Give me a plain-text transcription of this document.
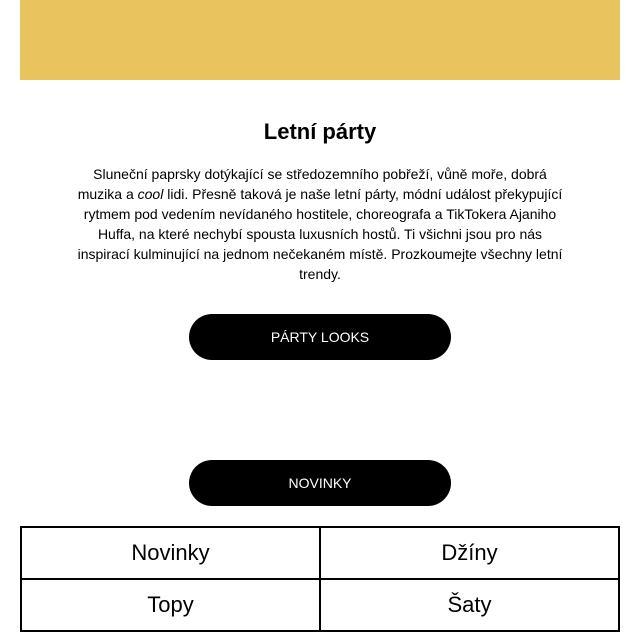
Letní párty

Sluneční paprsky dotýkající se středozemního pobřeží, vůně moře, dobrá muzika a cool lidi. Přesně taková je naše letní párty, módní událost překypující rytmem pod vedením nevídaného hostitele, choreografa a TikTokera Ajaniho Huffa, na které nechybí spousta luxusních hostů. Ti všichni jsou pro nás inspirací kulminující na jednom nečekaném místě. Prozkoumejte všechny letní trendy.

PÁRTY LOOKS
NOVINKY
Novinky	Džíny
Topy	Šaty
